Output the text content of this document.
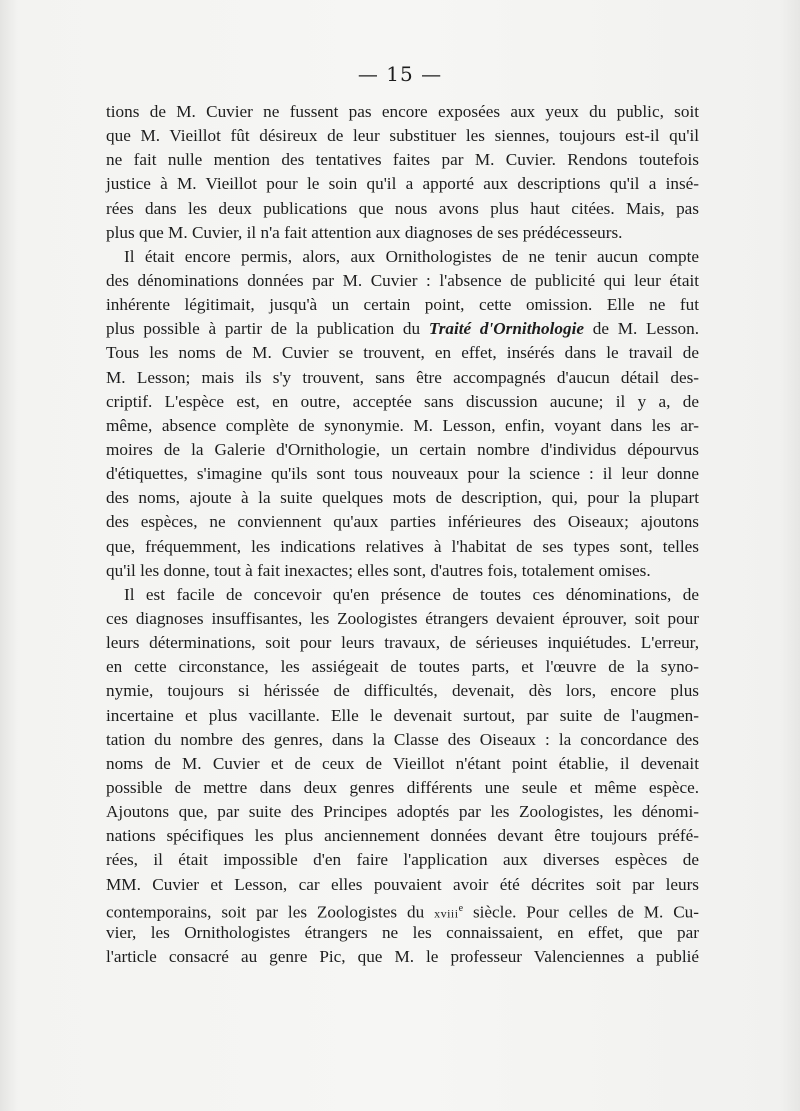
— 15 —
tions de M. Cuvier ne fussent pas encore exposées aux yeux du public, soit
que M. Vieillot fût désireux de leur substituer les siennes, toujours est-il qu'il
ne fait nulle mention des tentatives faites par M. Cuvier. Rendons toutefois
justice à M. Vieillot pour le soin qu'il a apporté aux descriptions qu'il a insé-
rées dans les deux publications que nous avons plus haut citées. Mais, pas
plus que M. Cuvier, il n'a fait attention aux diagnoses de ses prédécesseurs.
Il était encore permis, alors, aux Ornithologistes de ne tenir aucun compte
des dénominations données par M. Cuvier : l'absence de publicité qui leur était
inhérente légitimait, jusqu'à un certain point, cette omission. Elle ne fut
plus possible à partir de la publication du Traité d'Ornithologie de M. Lesson.
Tous les noms de M. Cuvier se trouvent, en effet, insérés dans le travail de
M. Lesson; mais ils s'y trouvent, sans être accompagnés d'aucun détail des-
criptif. L'espèce est, en outre, acceptée sans discussion aucune; il y a, de
même, absence complète de synonymie. M. Lesson, enfin, voyant dans les ar-
moires de la Galerie d'Ornithologie, un certain nombre d'individus dépourvus
d'étiquettes, s'imagine qu'ils sont tous nouveaux pour la science : il leur donne
des noms, ajoute à la suite quelques mots de description, qui, pour la plupart
des espèces, ne conviennent qu'aux parties inférieures des Oiseaux; ajoutons
que, fréquemment, les indications relatives à l'habitat de ses types sont, telles
qu'il les donne, tout à fait inexactes; elles sont, d'autres fois, totalement omises.
Il est facile de concevoir qu'en présence de toutes ces dénominations, de
ces diagnoses insuffisantes, les Zoologistes étrangers devaient éprouver, soit pour
leurs déterminations, soit pour leurs travaux, de sérieuses inquiétudes. L'erreur,
en cette circonstance, les assiégeait de toutes parts, et l'œuvre de la syno-
nymie, toujours si hérissée de difficultés, devenait, dès lors, encore plus
incertaine et plus vacillante. Elle le devenait surtout, par suite de l'augmen-
tation du nombre des genres, dans la Classe des Oiseaux : la concordance des
noms de M. Cuvier et de ceux de Vieillot n'étant point établie, il devenait
possible de mettre dans deux genres différents une seule et même espèce.
Ajoutons que, par suite des Principes adoptés par les Zoologistes, les dénomi-
nations spécifiques les plus anciennement données devant être toujours préfé-
rées, il était impossible d'en faire l'application aux diverses espèces de
MM. Cuvier et Lesson, car elles pouvaient avoir été décrites soit par leurs
contemporains, soit par les Zoologistes du xviii$^e$ siècle. Pour celles de M. Cu-
vier, les Ornithologistes étrangers ne les connaissaient, en effet, que par
l'article consacré au genre Pic, que M. le professeur Valenciennes a publié
